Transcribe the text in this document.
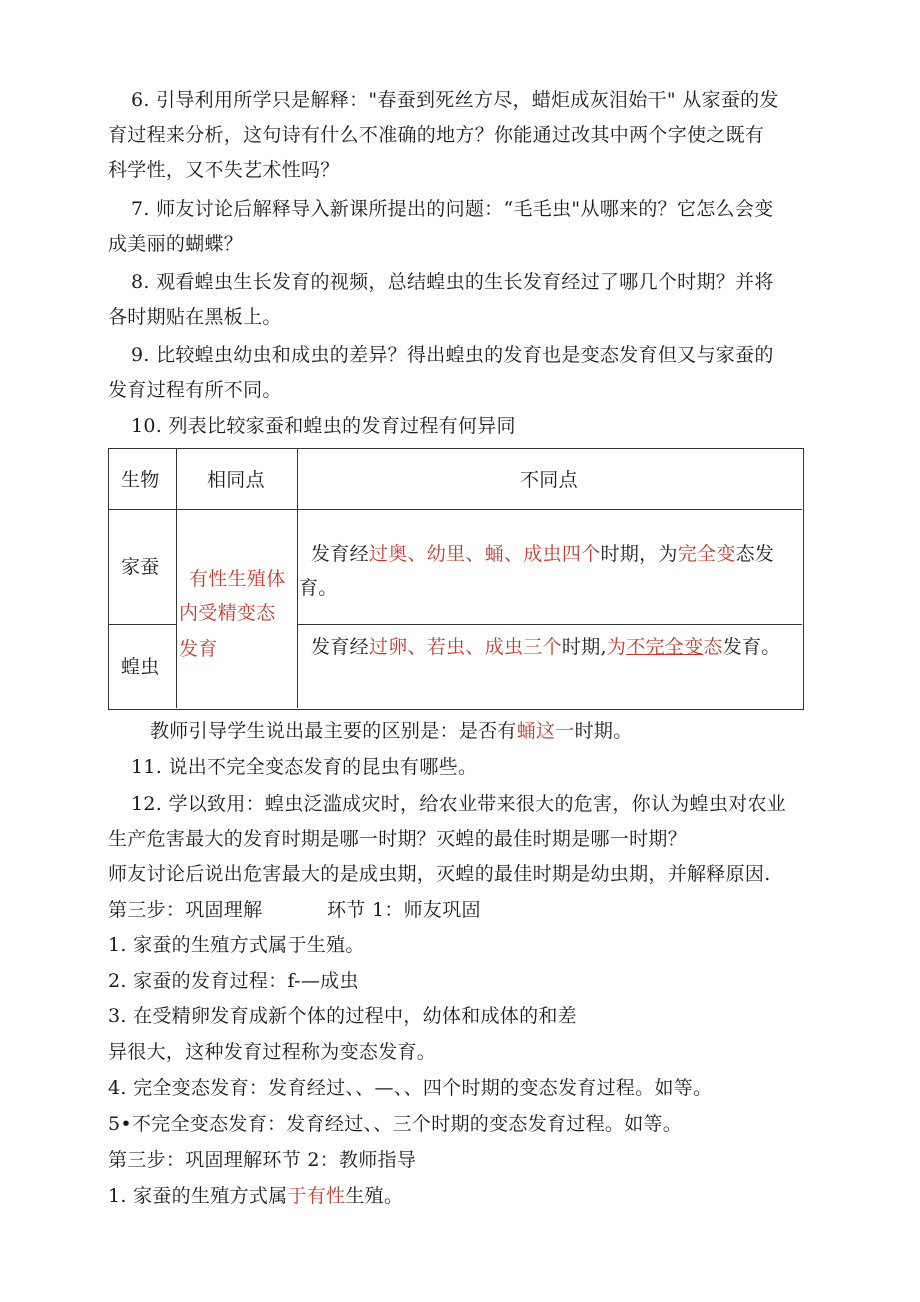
6. 引导利用所学只是解释："春蚕到死丝方尽，蜡炬成灰泪始干" 从家蚕的发
育过程来分析，这句诗有什么不准确的地方？你能通过改其中两个字使之既有
科学性，又不失艺术性吗？
7. 师友讨论后解释导入新课所提出的问题：“毛毛虫"从哪来的？它怎么会变
成美丽的蝴蝶？
8. 观看蝗虫生长发育的视频，总结蝗虫的生长发育经过了哪几个时期？并将
各时期贴在黑板上。
9. 比较蝗虫幼虫和成虫的差异？得出蝗虫的发育也是变态发育但又与家蚕的
发育过程有所不同。
10. 列表比较家蚕和蝗虫的发育过程有何异同
生物 相同点	不同点
家蚕
蝗虫
有性生殖体
内受精变态
发育
发育经过奥、幼里、蛹、成虫四个时期，为完全变态发
育。
发育经过卵、若虫、成虫三个时期,为不完全变态发育。
教师引导学生说出最主要的区别是：是否有蛹这一时期。
11. 说出不完全变态发育的昆虫有哪些。
12. 学以致用：蝗虫泛滥成灾时，给农业带来很大的危害，你认为蝗虫对农业
生产危害最大的发育时期是哪一时期？灭蝗的最佳时期是哪一时期？
师友讨论后说出危害最大的是成虫期，灭蝗的最佳时期是幼虫期，并解释原因.
第三步：巩固理解	环节 1：师友巩固
1. 家蚕的生殖方式属于生殖。
2. 家蚕的发育过程：f-—成虫
3. 在受精卵发育成新个体的过程中，幼体和成体的和差
异很大，这种发育过程称为变态发育。
4. 完全变态发育：发育经过、、—、、四个时期的变态发育过程。如等。
5•不完全变态发育：发育经过、、三个时期的变态发育过程。如等。
第三步：巩固理解环节 2：教师指导
1. 家蚕的生殖方式属于有性生殖。
